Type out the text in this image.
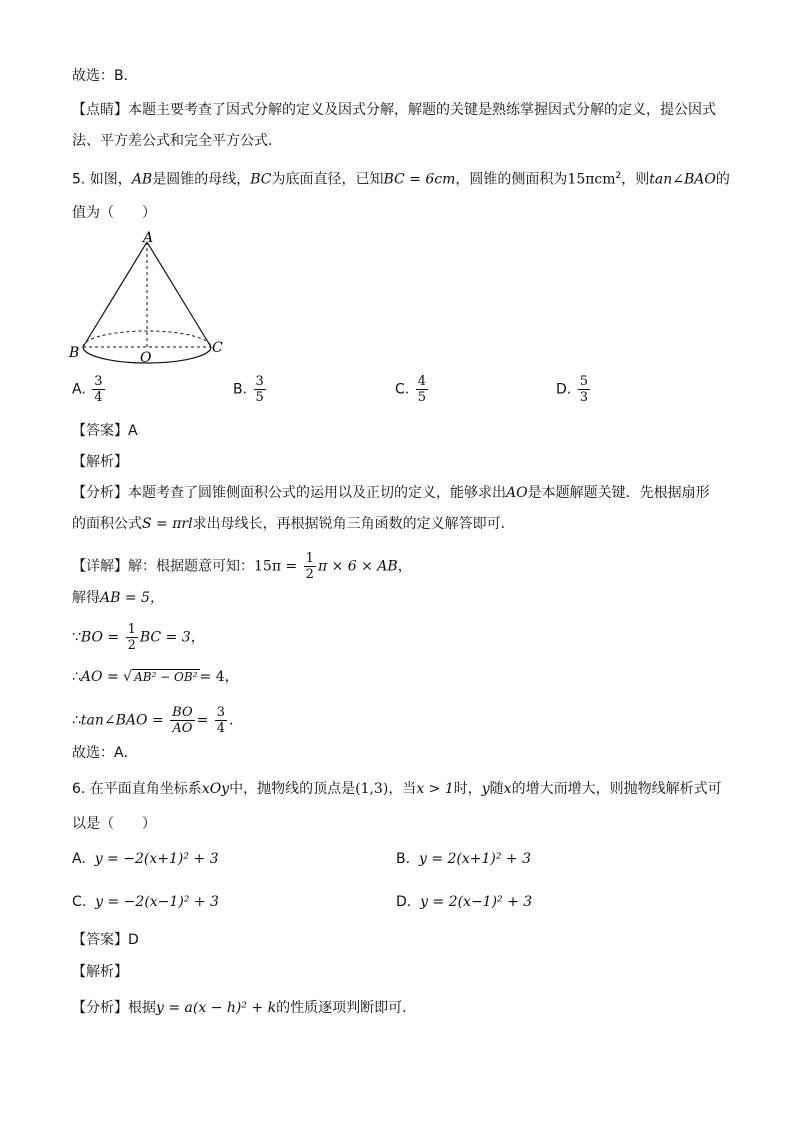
故选：B．
【点睛】本题主要考查了因式分解的定义及因式分解，解题的关键是熟练掌握因式分解的定义，提公因式
法、平方差公式和完全平方公式．
5. 如图，AB是圆锥的母线，BC为底面直径，已知BC = 6cm，圆锥的侧面积为15πcm$^2$，则tan∠BAO的
值为（　　）
A
B	C
O
A. $\frac{3}{4}$	B. $\frac{3}{5}$	C. $\frac{4}{5}$	D. $\frac{5}{3}$
【答案】A
【解析】
【分析】本题考查了圆锥侧面积公式的运用以及正切的定义，能够求出AO是本题解题关键．先根据扇形
的面积公式S = πrl求出母线长，再根据锐角三角函数的定义解答即可．
【详解】解：根据题意可知：$15\pi = \frac{1}{2}$ π × 6 × AB，
解得AB = 5，
∵BO = $\frac{1}{2}$ BC = 3，
∴AO = √ AB² − OB² = 4，
∴tan∠BAO = $\frac{BO}{AO} = \frac{3}{4}$ ．
故选：A．
6. 在平面直角坐标系xOy中，抛物线的顶点是(1,3)，当x > 1时，y随x的增大而增大，则抛物线解析式可
以是（　　）
A. y = −2(x+1)² + 3	B. y = 2(x+1)² + 3
C. y = −2(x−1)² + 3	D. y = 2(x−1)² + 3
【答案】D
【解析】
【分析】根据y = a(x − h)² + k的性质逐项判断即可．
